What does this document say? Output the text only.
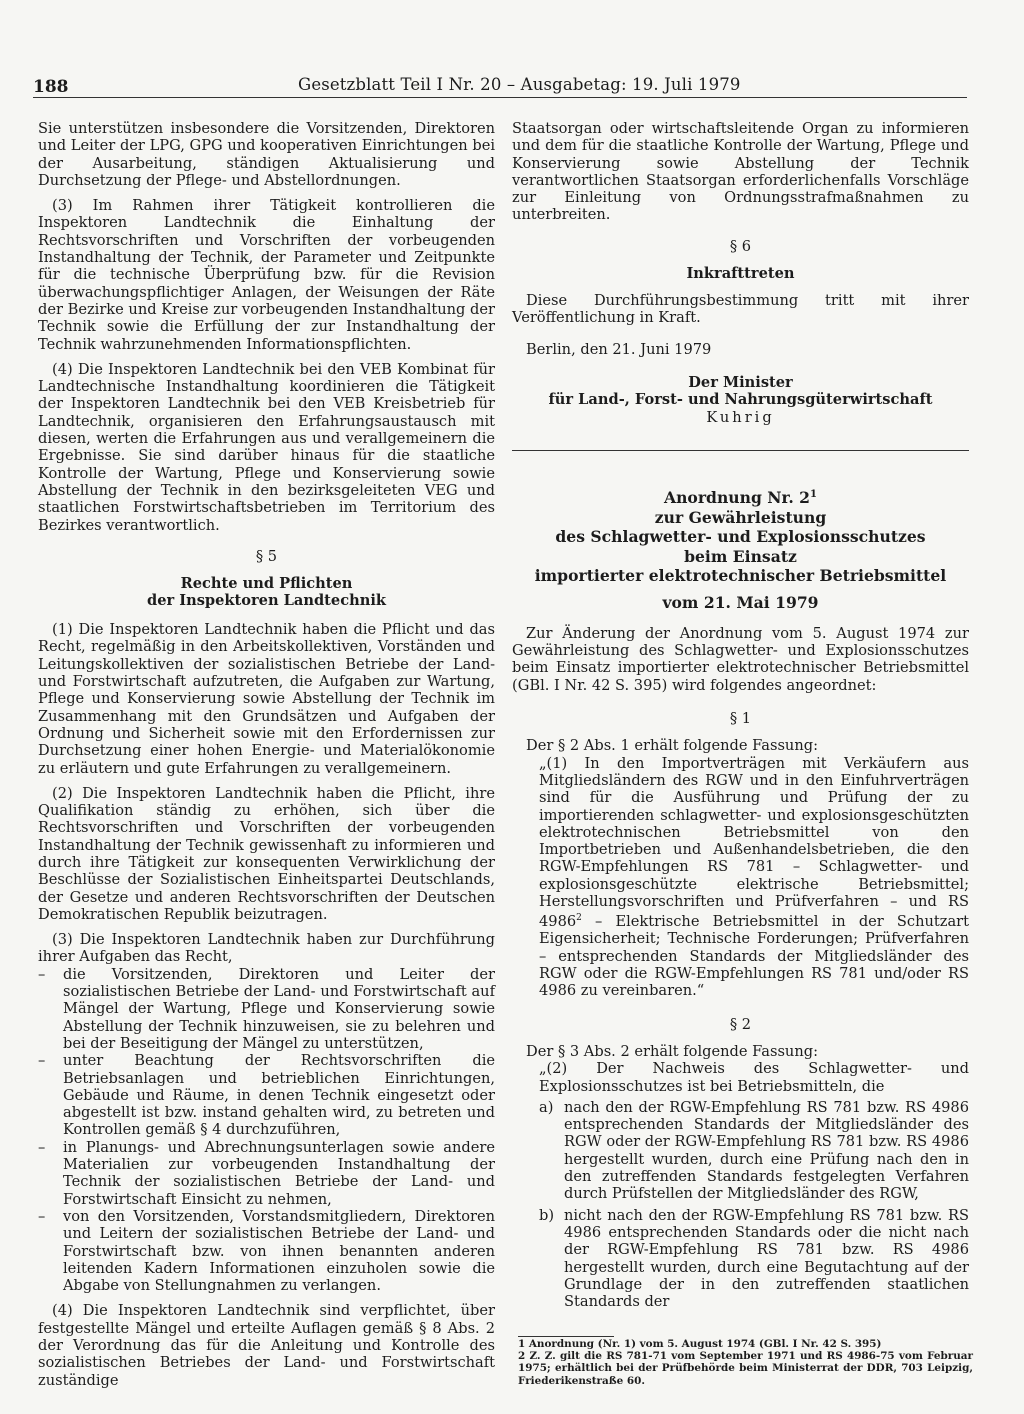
188	Gesetzblatt Teil I Nr. 20 – Ausgabetag: 19. Juli 1979

Sie unterstützen insbesondere die Vorsitzenden, Direktoren und Leiter der LPG, GPG und kooperativen Einrichtungen bei der Ausarbeitung, ständigen Aktualisierung und Durchsetzung der Pflege- und Abstellordnungen.

(3) Im Rahmen ihrer Tätigkeit kontrollieren die Inspektoren Landtechnik die Einhaltung der Rechtsvorschriften und Vorschriften der vorbeugenden Instandhaltung der Technik, der Parameter und Zeitpunkte für die technische Überprüfung bzw. für die Revision überwachungspflichtiger Anlagen, der Weisungen der Räte der Bezirke und Kreise zur vorbeugenden Instandhaltung der Technik sowie die Erfüllung der zur Instandhaltung der Technik wahrzunehmenden Informationspflichten.

(4) Die Inspektoren Landtechnik bei den VEB Kombinat für Landtechnische Instandhaltung koordinieren die Tätigkeit der Inspektoren Landtechnik bei den VEB Kreisbetrieb für Landtechnik, organisieren den Erfahrungsaustausch mit diesen, werten die Erfahrungen aus und verallgemeinern die Ergebnisse. Sie sind darüber hinaus für die staatliche Kontrolle der Wartung, Pflege und Konservierung sowie Abstellung der Technik in den bezirksgeleiteten VEG und staatlichen Forstwirtschaftsbetrieben im Territorium des Bezirkes verantwortlich.

§ 5
Rechte und Pflichten
der Inspektoren Landtechnik

(1) Die Inspektoren Landtechnik haben die Pflicht und das Recht, regelmäßig in den Arbeitskollektiven, Vorständen und Leitungskollektiven der sozialistischen Betriebe der Land- und Forstwirtschaft aufzutreten, die Aufgaben zur Wartung, Pflege und Konservierung sowie Abstellung der Technik im Zusammenhang mit den Grundsätzen und Aufgaben der Ordnung und Sicherheit sowie mit den Erfordernissen zur Durchsetzung einer hohen Energie- und Materialökonomie zu erläutern und gute Erfahrungen zu verallgemeinern.

(2) Die Inspektoren Landtechnik haben die Pflicht, ihre Qualifikation ständig zu erhöhen, sich über die Rechtsvorschriften und Vorschriften der vorbeugenden Instandhaltung der Technik gewissenhaft zu informieren und durch ihre Tätigkeit zur konsequenten Verwirklichung der Beschlüsse der Sozialistischen Einheitspartei Deutschlands, der Gesetze und anderen Rechtsvorschriften der Deutschen Demokratischen Republik beizutragen.

(3) Die Inspektoren Landtechnik haben zur Durchführung ihrer Aufgaben das Recht,

– die Vorsitzenden, Direktoren und Leiter der sozialistischen Betriebe der Land- und Forstwirtschaft auf Mängel der Wartung, Pflege und Konservierung sowie Abstellung der Technik hinzuweisen, sie zu belehren und bei der Beseitigung der Mängel zu unterstützen,
– unter Beachtung der Rechtsvorschriften die Betriebsanlagen und betrieblichen Einrichtungen, Gebäude und Räume, in denen Technik eingesetzt oder abgestellt ist bzw. instand gehalten wird, zu betreten und Kontrollen gemäß § 4 durchzuführen,
– in Planungs- und Abrechnungsunterlagen sowie andere Materialien zur vorbeugenden Instandhaltung der Technik der sozialistischen Betriebe der Land- und Forstwirtschaft Einsicht zu nehmen,
– von den Vorsitzenden, Vorstandsmitgliedern, Direktoren und Leitern der sozialistischen Betriebe der Land- und Forstwirtschaft bzw. von ihnen benannten anderen leitenden Kadern Informationen einzuholen sowie die Abgabe von Stellungnahmen zu verlangen.

(4) Die Inspektoren Landtechnik sind verpflichtet, über festgestellte Mängel und erteilte Auflagen gemäß § 8 Abs. 2 der Verordnung das für die Anleitung und Kontrolle des sozialistischen Betriebes der Land- und Forstwirtschaft zuständige

Staatsorgan oder wirtschaftsleitende Organ zu informieren und dem für die staatliche Kontrolle der Wartung, Pflege und Konservierung sowie Abstellung der Technik verantwortlichen Staatsorgan erforderlichenfalls Vorschläge zur Einleitung von Ordnungsstrafmaßnahmen zu unterbreiten.

§ 6
Inkrafttreten

Diese Durchführungsbestimmung tritt mit ihrer Veröffentlichung in Kraft.

Berlin, den 21. Juni 1979

Der Minister
für Land-, Forst- und Nahrungsgüterwirtschaft
Kuhrig
Anordnung Nr. $2^1$
zur Gewährleistung
des Schlagwetter- und Explosionsschutzes
beim Einsatz
importierter elektrotechnischer Betriebsmittel
vom 21. Mai 1979

Zur Änderung der Anordnung vom 5. August 1974 zur Gewährleistung des Schlagwetter- und Explosionsschutzes beim Einsatz importierter elektrotechnischer Betriebsmittel (GBl. I Nr. 42 S. 395) wird folgendes angeordnet:

§ 1

Der § 2 Abs. 1 erhält folgende Fassung:

„(1) In den Importverträgen mit Verkäufern aus Mitgliedsländern des RGW und in den Einfuhrverträgen sind für die Ausführung und Prüfung der zu importierenden schlagwetter- und explosionsgeschützten elektrotechnischen Betriebsmittel von den Importbetrieben und Außenhandelsbetrieben, die den RGW-Empfehlungen RS 781 – Schlagwetter- und explosionsgeschützte elektrische Betriebsmittel; Herstellungsvorschriften und Prüfverfahren – und RS 4986$^2$ – Elektrische Betriebsmittel in der Schutzart Eigensicherheit; Technische Forderungen; Prüfverfahren – entsprechenden Standards der Mitgliedsländer des RGW oder die RGW-Empfehlungen RS 781 und/oder RS 4986 zu vereinbaren.“

§ 2

Der § 3 Abs. 2 erhält folgende Fassung:

„(2) Der Nachweis des Schlagwetter- und Explosionsschutzes ist bei Betriebsmitteln, die

a) nach den der RGW-Empfehlung RS 781 bzw. RS 4986 entsprechenden Standards der Mitgliedsländer des RGW oder der RGW-Empfehlung RS 781 bzw. RS 4986 hergestellt wurden, durch eine Prüfung nach den in den zutreffenden Standards festgelegten Verfahren durch Prüfstellen der Mitgliedsländer des RGW,
b) nicht nach den der RGW-Empfehlung RS 781 bzw. RS 4986 entsprechenden Standards oder die nicht nach der RGW-Empfehlung RS 781 bzw. RS 4986 hergestellt wurden, durch eine Begutachtung auf der Grundlage der in den zutreffenden staatlichen Standards der
1 Anordnung (Nr. 1) vom 5. August 1974 (GBl. I Nr. 42 S. 395)
2 Z. Z. gilt die RS 781-71 vom September 1971 und RS 4986-75 vom Februar 1975; erhältlich bei der Prüfbehörde beim Ministerrat der DDR, 703 Leipzig, Friederikenstraße 60.
